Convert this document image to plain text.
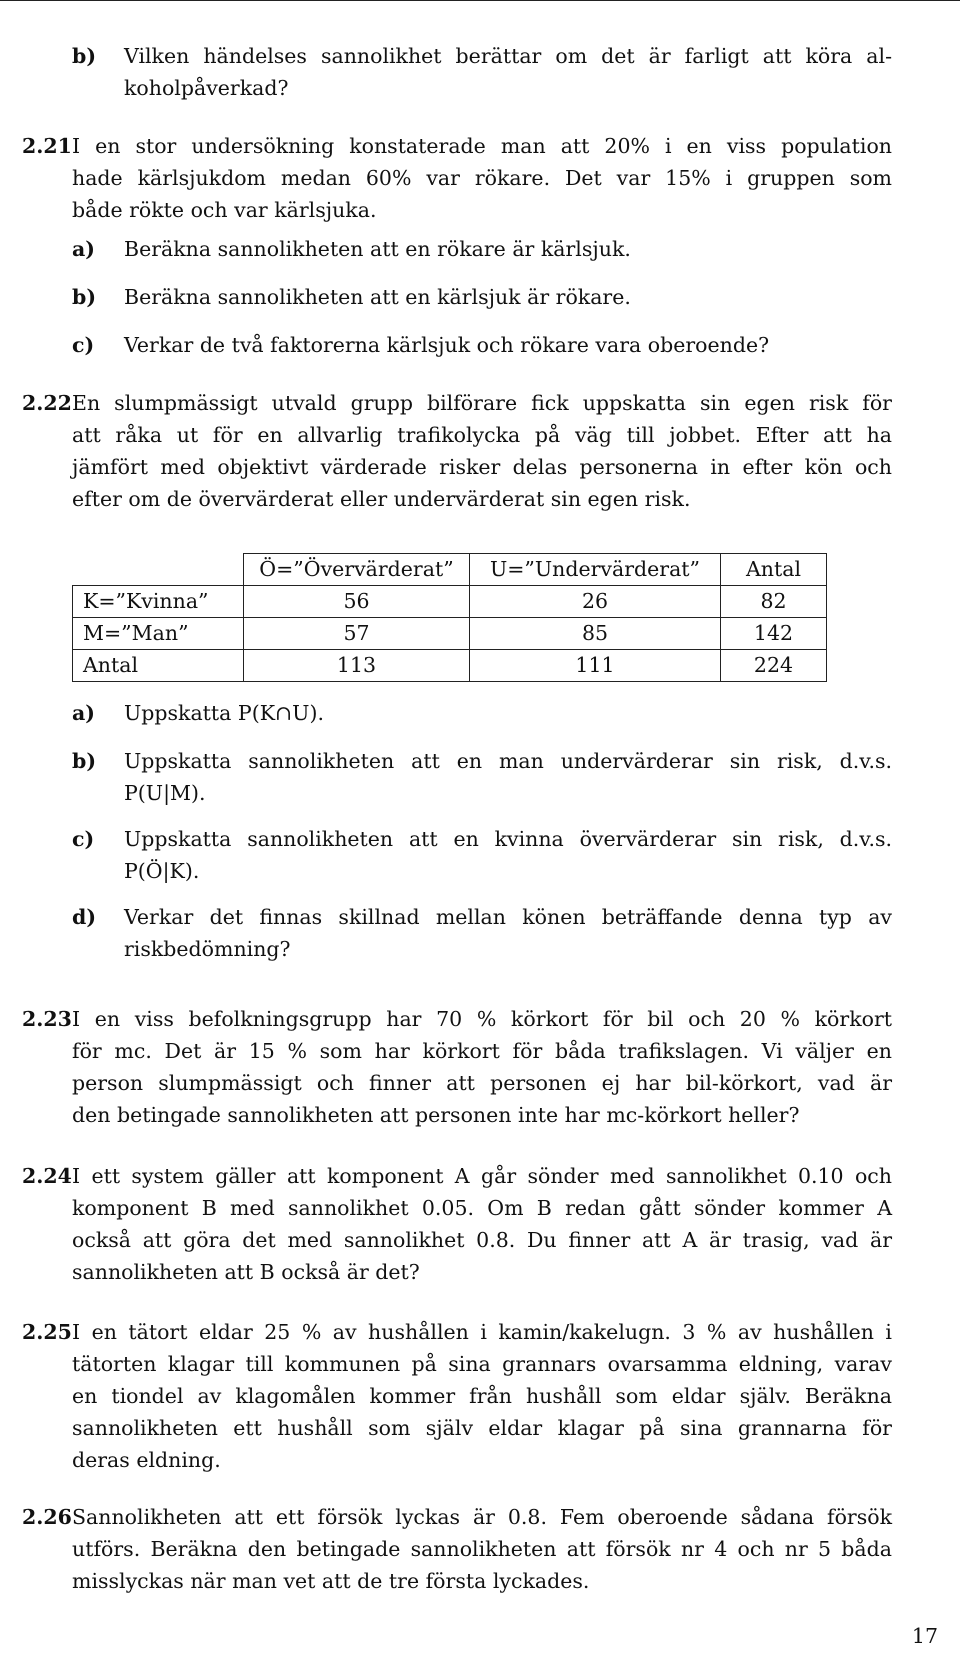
b) Vilken händelses sannolikhet berättar om det är farligt att köra al-
koholpåverkad?
2.21 I en stor undersökning konstaterade man att 20% i en viss population
hade kärlsjukdom medan 60% var rökare. Det var 15% i gruppen som
både rökte och var kärlsjuka.
a) Beräkna sannolikheten att en rökare är kärlsjuk.
b) Beräkna sannolikheten att en kärlsjuk är rökare.
c) Verkar de två faktorerna kärlsjuk och rökare vara oberoende?
2.22 En slumpmässigt utvald grupp bilförare fick uppskatta sin egen risk för
att råka ut för en allvarlig trafikolycka på väg till jobbet. Efter att ha
jämfört med objektivt värderade risker delas personerna in efter kön och
efter om de övervärderat eller undervärderat sin egen risk.
	Ö=”Övervärderat”	U=”Undervärderat”	Antal
K=”Kvinna”	56	26	82
M=”Man”	57	85	142
Antal	113	111	224
a) Uppskatta P(K∩U).
b) Uppskatta sannolikheten att en man undervärderar sin risk, d.v.s.
P(U|M).
c) Uppskatta sannolikheten att en kvinna övervärderar sin risk, d.v.s.
P(Ö|K).
d) Verkar det finnas skillnad mellan könen beträffande denna typ av
riskbedömning?
2.23 I en viss befolkningsgrupp har 70 % körkort för bil och 20 % körkort
för mc. Det är 15 % som har körkort för båda trafikslagen. Vi väljer en
person slumpmässigt och finner att personen ej har bil-körkort, vad är
den betingade sannolikheten att personen inte har mc-körkort heller?
2.24 I ett system gäller att komponent A går sönder med sannolikhet 0.10 och
komponent B med sannolikhet 0.05. Om B redan gått sönder kommer A
också att göra det med sannolikhet 0.8. Du finner att A är trasig, vad är
sannolikheten att B också är det?
2.25 I en tätort eldar 25 % av hushållen i kamin/kakelugn. 3 % av hushållen i
tätorten klagar till kommunen på sina grannars ovarsamma eldning, varav
en tiondel av klagomålen kommer från hushåll som eldar själv. Beräkna
sannolikheten ett hushåll som själv eldar klagar på sina grannarna för
deras eldning.
2.26 Sannolikheten att ett försök lyckas är 0.8. Fem oberoende sådana försök
utförs. Beräkna den betingade sannolikheten att försök nr 4 och nr 5 båda
misslyckas när man vet att de tre första lyckades.
17
